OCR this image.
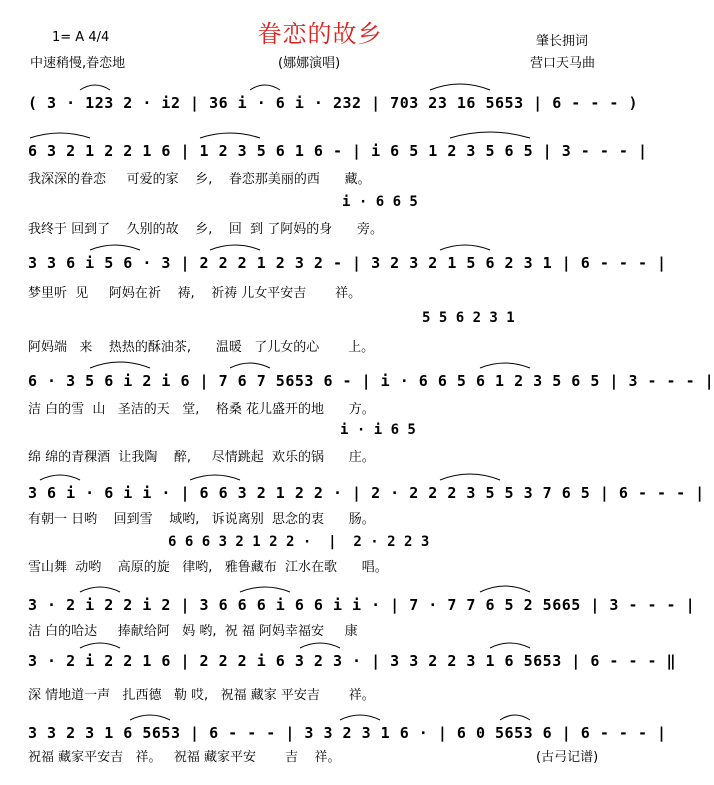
1= A 4/4
中速稍慢,眷恋地
眷恋的故乡
(娜娜演唱)
肇长拥词
营口天马曲
( 3 · 123 2 · i2 | 36 i · 6 i · 232 | 703 23 16 5653 | 6 - - - )
6 3 2 1 2 2 1 6 | 1 2 3 5 6 1 6 - | i 6 5 1 2 3 5 6 5 | 3 - - - |
3 3 6 i 5 6 · 3 | 2 2 2 1 2 3 2 - | 3 2 3 2 1 5 6 2 3 1 | 6 - - - |
6 · 3 5 6 i 2 i 6 | 7 6 7 5653 6 - | i · 6 6 5 6 1 2 3 5 6 5 | 3 - - - |
3 6 i · 6 i i · | 6 6 3 2 1 2 2 · | 2 · 2 2 2 3 5 5 3 7 6 5 | 6 - - - |
3 · 2 i 2 2 i 2 | 3 6 6 6 i 6 6 i i · | 7 · 7 7 6 5 2 5665 | 3 - - - |
3 · 2 i 2 2 1 6 | 2 2 2 i 6 3 2 3 · | 3 3 2 2 3 1 6 5653 | 6 - - - ‖
3 3 2 3 1 6 5653 | 6 - - - | 3 3 2 3 1 6 · | 6 0 5653 6 | 6 - - - |
i · 6 6 5
5 5 6 2 3 1
i · i 6 5
6 6 6 3 2 1 2 2 ·  |  2 · 2 2 3
我深深的眷恋     可爱的家    乡,    眷恋那美丽的西      藏。
我终于 回到了    久别的故    乡,    回  到 了阿妈的身      旁。
梦里听  见     阿妈在祈    祷,    祈祷 儿女平安吉       祥。
阿妈端   来    热热的酥油茶,      温暖   了儿女的心       上。
洁 白的雪  山   圣洁的天   堂,    格桑 花儿盛开的地      方。
绵 绵的青稞酒  让我陶    醉,     尽情跳起  欢乐的锅      庄。
有朝一 日哟    回到雪    域哟,   诉说离别  思念的衷      肠。
雪山舞  动哟    高原的旋   律哟,   雅鲁藏布  江水在歌      唱。
洁 白的哈达     捧献给阿   妈 哟,  祝 福 阿妈幸福安     康
深 情地道一声   扎西德   勒 哎,   祝福 藏家 平安吉       祥。
祝福 藏家平安吉   祥。   祝福 藏家平安       吉    祥。	(古弓记谱)
